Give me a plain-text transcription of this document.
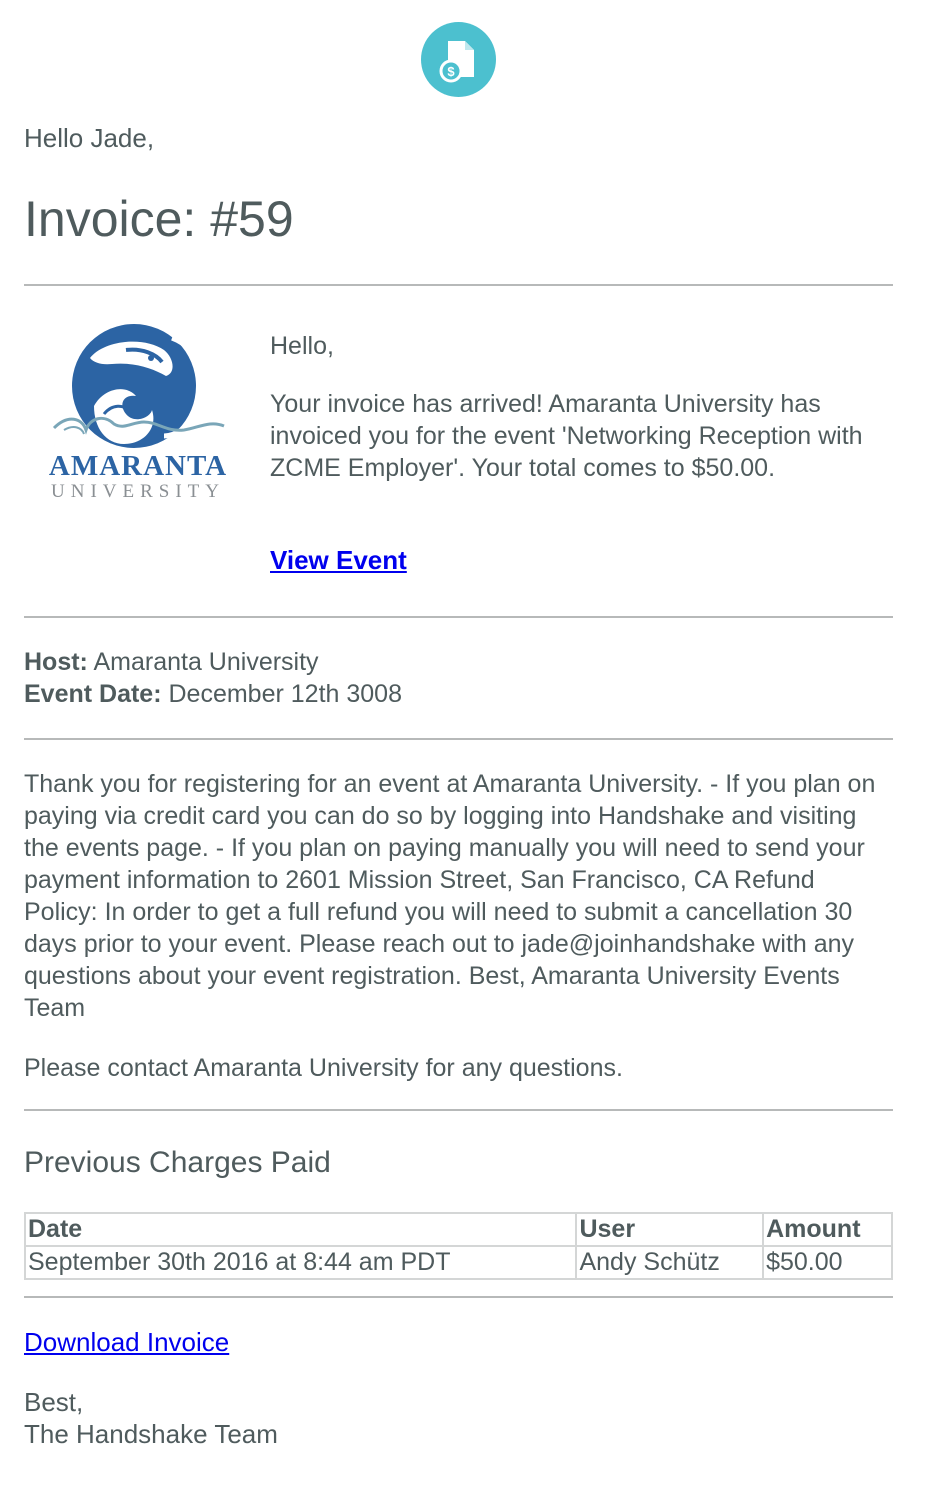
$
Hello Jade,
Invoice: #59
AMARANTA
UNIVERSITY

Hello,

Your invoice has arrived! Amaranta University has invoiced you for the event 'Networking Reception with ZCME Employer'. Your total comes to $50.00.

View Event
Host: Amaranta University
Event Date: December 12th 3008
Thank you for registering for an event at Amaranta University. - If you plan on paying via credit card you can do so by logging into Handshake and visiting the events page. - If you plan on paying manually you will need to send your payment information to 2601 Mission Street, San Francisco, CA Refund Policy: In order to get a full refund you will need to submit a cancellation 30 days prior to your event. Please reach out to jade@joinhandshake with any questions about your event registration. Best, Amaranta University Events Team
Please contact Amaranta University for any questions.
Previous Charges Paid
Date	User	Amount
September 30th 2016 at 8:44 am PDT	Andy Schütz	$50.00
Download Invoice
Best,
The Handshake Team
